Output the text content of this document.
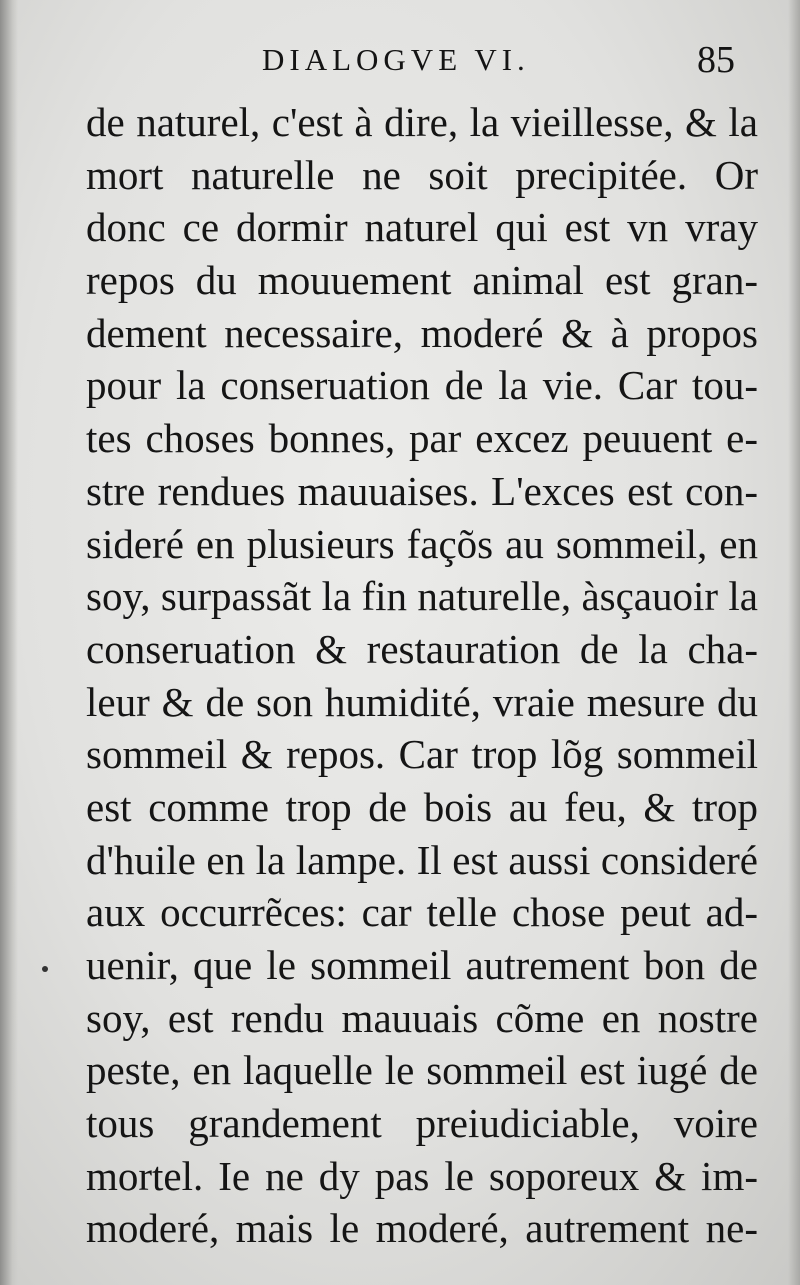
DIALOGVE VI.	85
de naturel, c'est à dire, la vieillesse, & la
mort naturelle ne soit precipitée. Or
donc ce dormir naturel qui est vn vray
repos du mouuement animal est gran-
dement necessaire, moderé & à propos
pour la conseruation de la vie. Car tou-
tes choses bonnes, par excez peuuent e-
stre rendues mauuaises. L'exces est con-
sideré en plusieurs façõs au sommeil, en
soy, surpassãt la fin naturelle, àsçauoir la
conseruation & restauration de la cha-
leur & de son humidité, vraie mesure du
sommeil & repos. Car trop lõg sommeil
est comme trop de bois au feu, & trop
d'huile en la lampe. Il est aussi consideré
aux occurrẽces: car telle chose peut ad-
uenir, que le sommeil autrement bon de
soy, est rendu mauuais cõme en nostre
peste, en laquelle le sommeil est iugé de
tous grandement preiudiciable, voire
mortel. Ie ne dy pas le soporeux & im-
moderé, mais le moderé, autrement ne-
